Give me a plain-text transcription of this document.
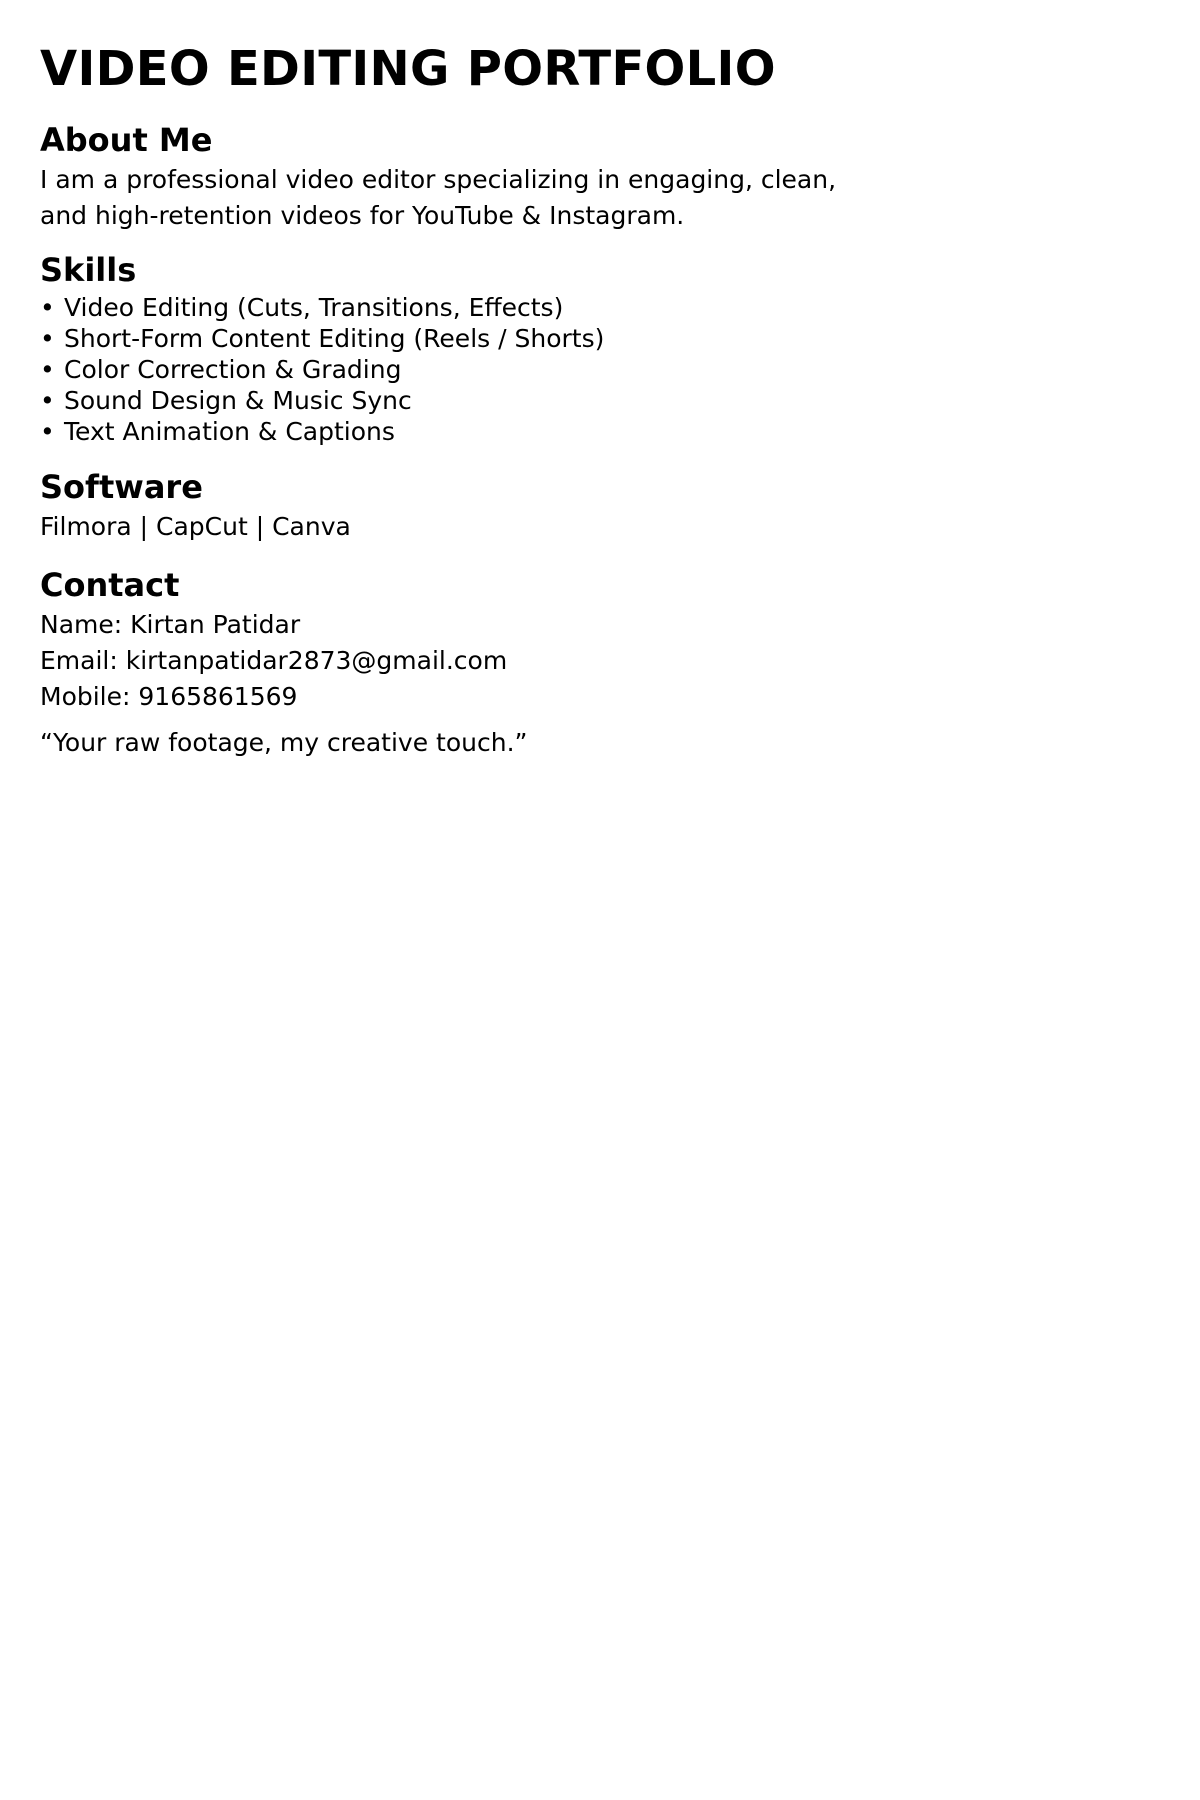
VIDEO EDITING PORTFOLIO
About Me

I am a professional video editor specializing in engaging, clean, and high-retention videos for YouTube & Instagram.

Skills
• Video Editing (Cuts, Transitions, Effects)
• Short-Form Content Editing (Reels / Shorts)
• Color Correction & Grading
• Sound Design & Music Sync
• Text Animation & Captions
Software

Filmora | CapCut | Canva

Contact

Name: Kirtan Patidar

Email: kirtanpatidar2873@gmail.com

Mobile: 9165861569

“Your raw footage, my creative touch.”
